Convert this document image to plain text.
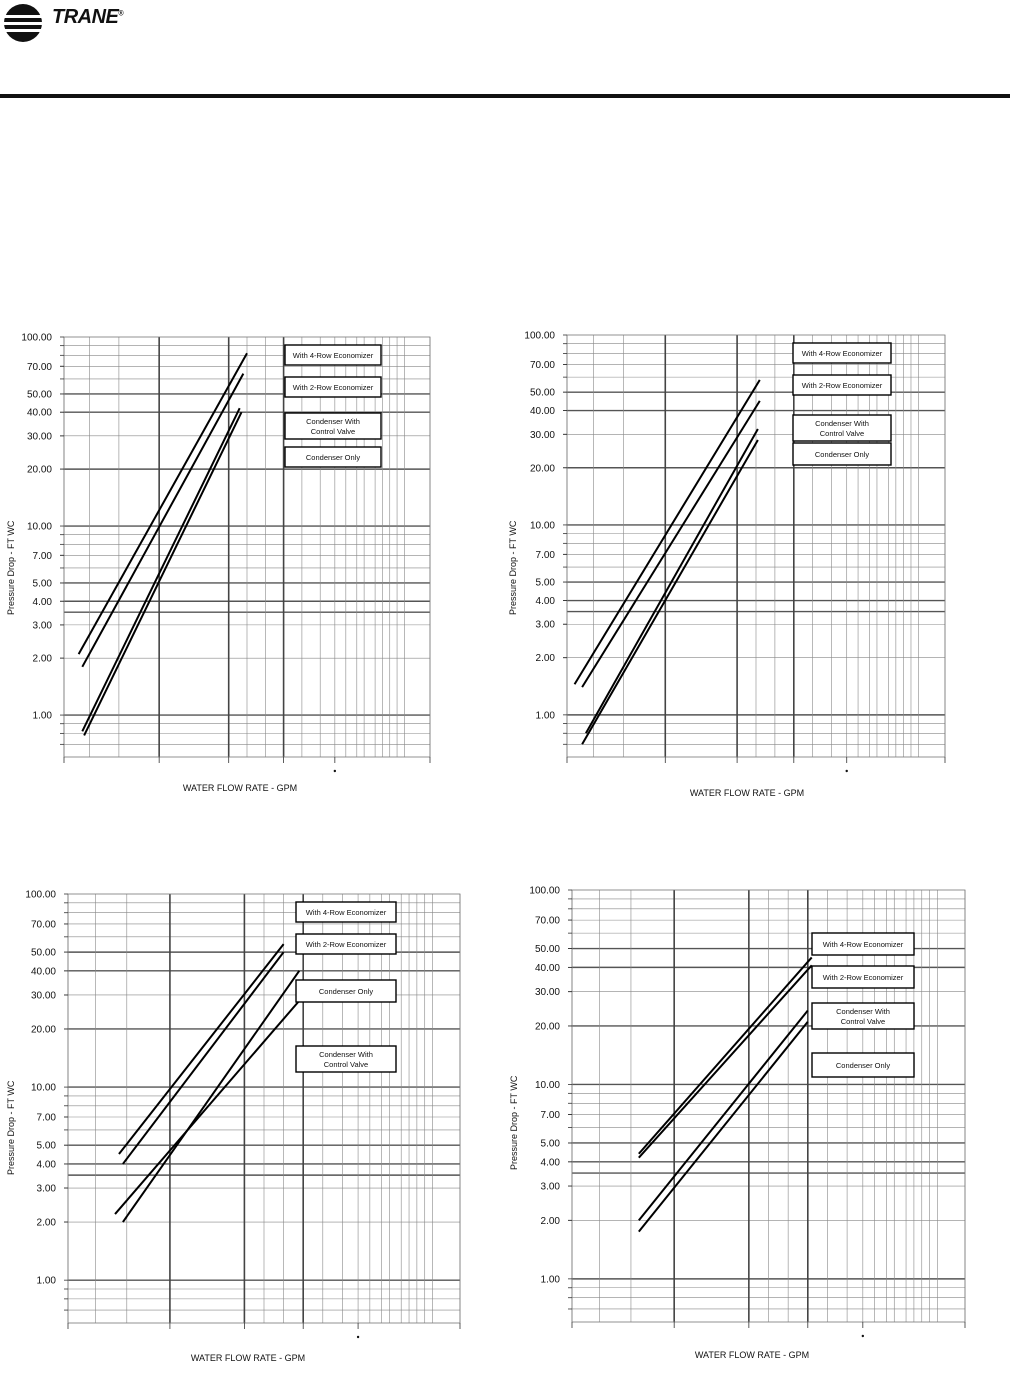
TRANE®
100.00
70.00
50.00
40.00
30.00
20.00
10.00
7.00
5.00
4.00
3.00
2.00
1.00
With 4-Row Economizer
With 2-Row Economizer
Condenser With Control Valve
Condenser Only
Pressure Drop - FT WC
WATER FLOW RATE - GPM
100.00
70.00
50.00
40.00
30.00
20.00
10.00
7.00
5.00
4.00
3.00
2.00
1.00
With 4-Row Economizer
With 2-Row Economizer
Condenser With Control Valve
Condenser Only
Pressure Drop - FT WC
WATER FLOW RATE - GPM
100.00
70.00
50.00
40.00
30.00
20.00
10.00
7.00
5.00
4.00
3.00
2.00
1.00
With 4-Row Economizer
With 2-Row Economizer
Condenser Only
Condenser With Control Valve
Pressure Drop - FT WC
WATER FLOW RATE - GPM
100.00
70.00
50.00
40.00
30.00
20.00
10.00
7.00
5.00
4.00
3.00
2.00
1.00
With 4-Row Economizer
With 2-Row Economizer
Condenser With Control Valve
Condenser Only
Pressure Drop - FT WC
WATER FLOW RATE - GPM
